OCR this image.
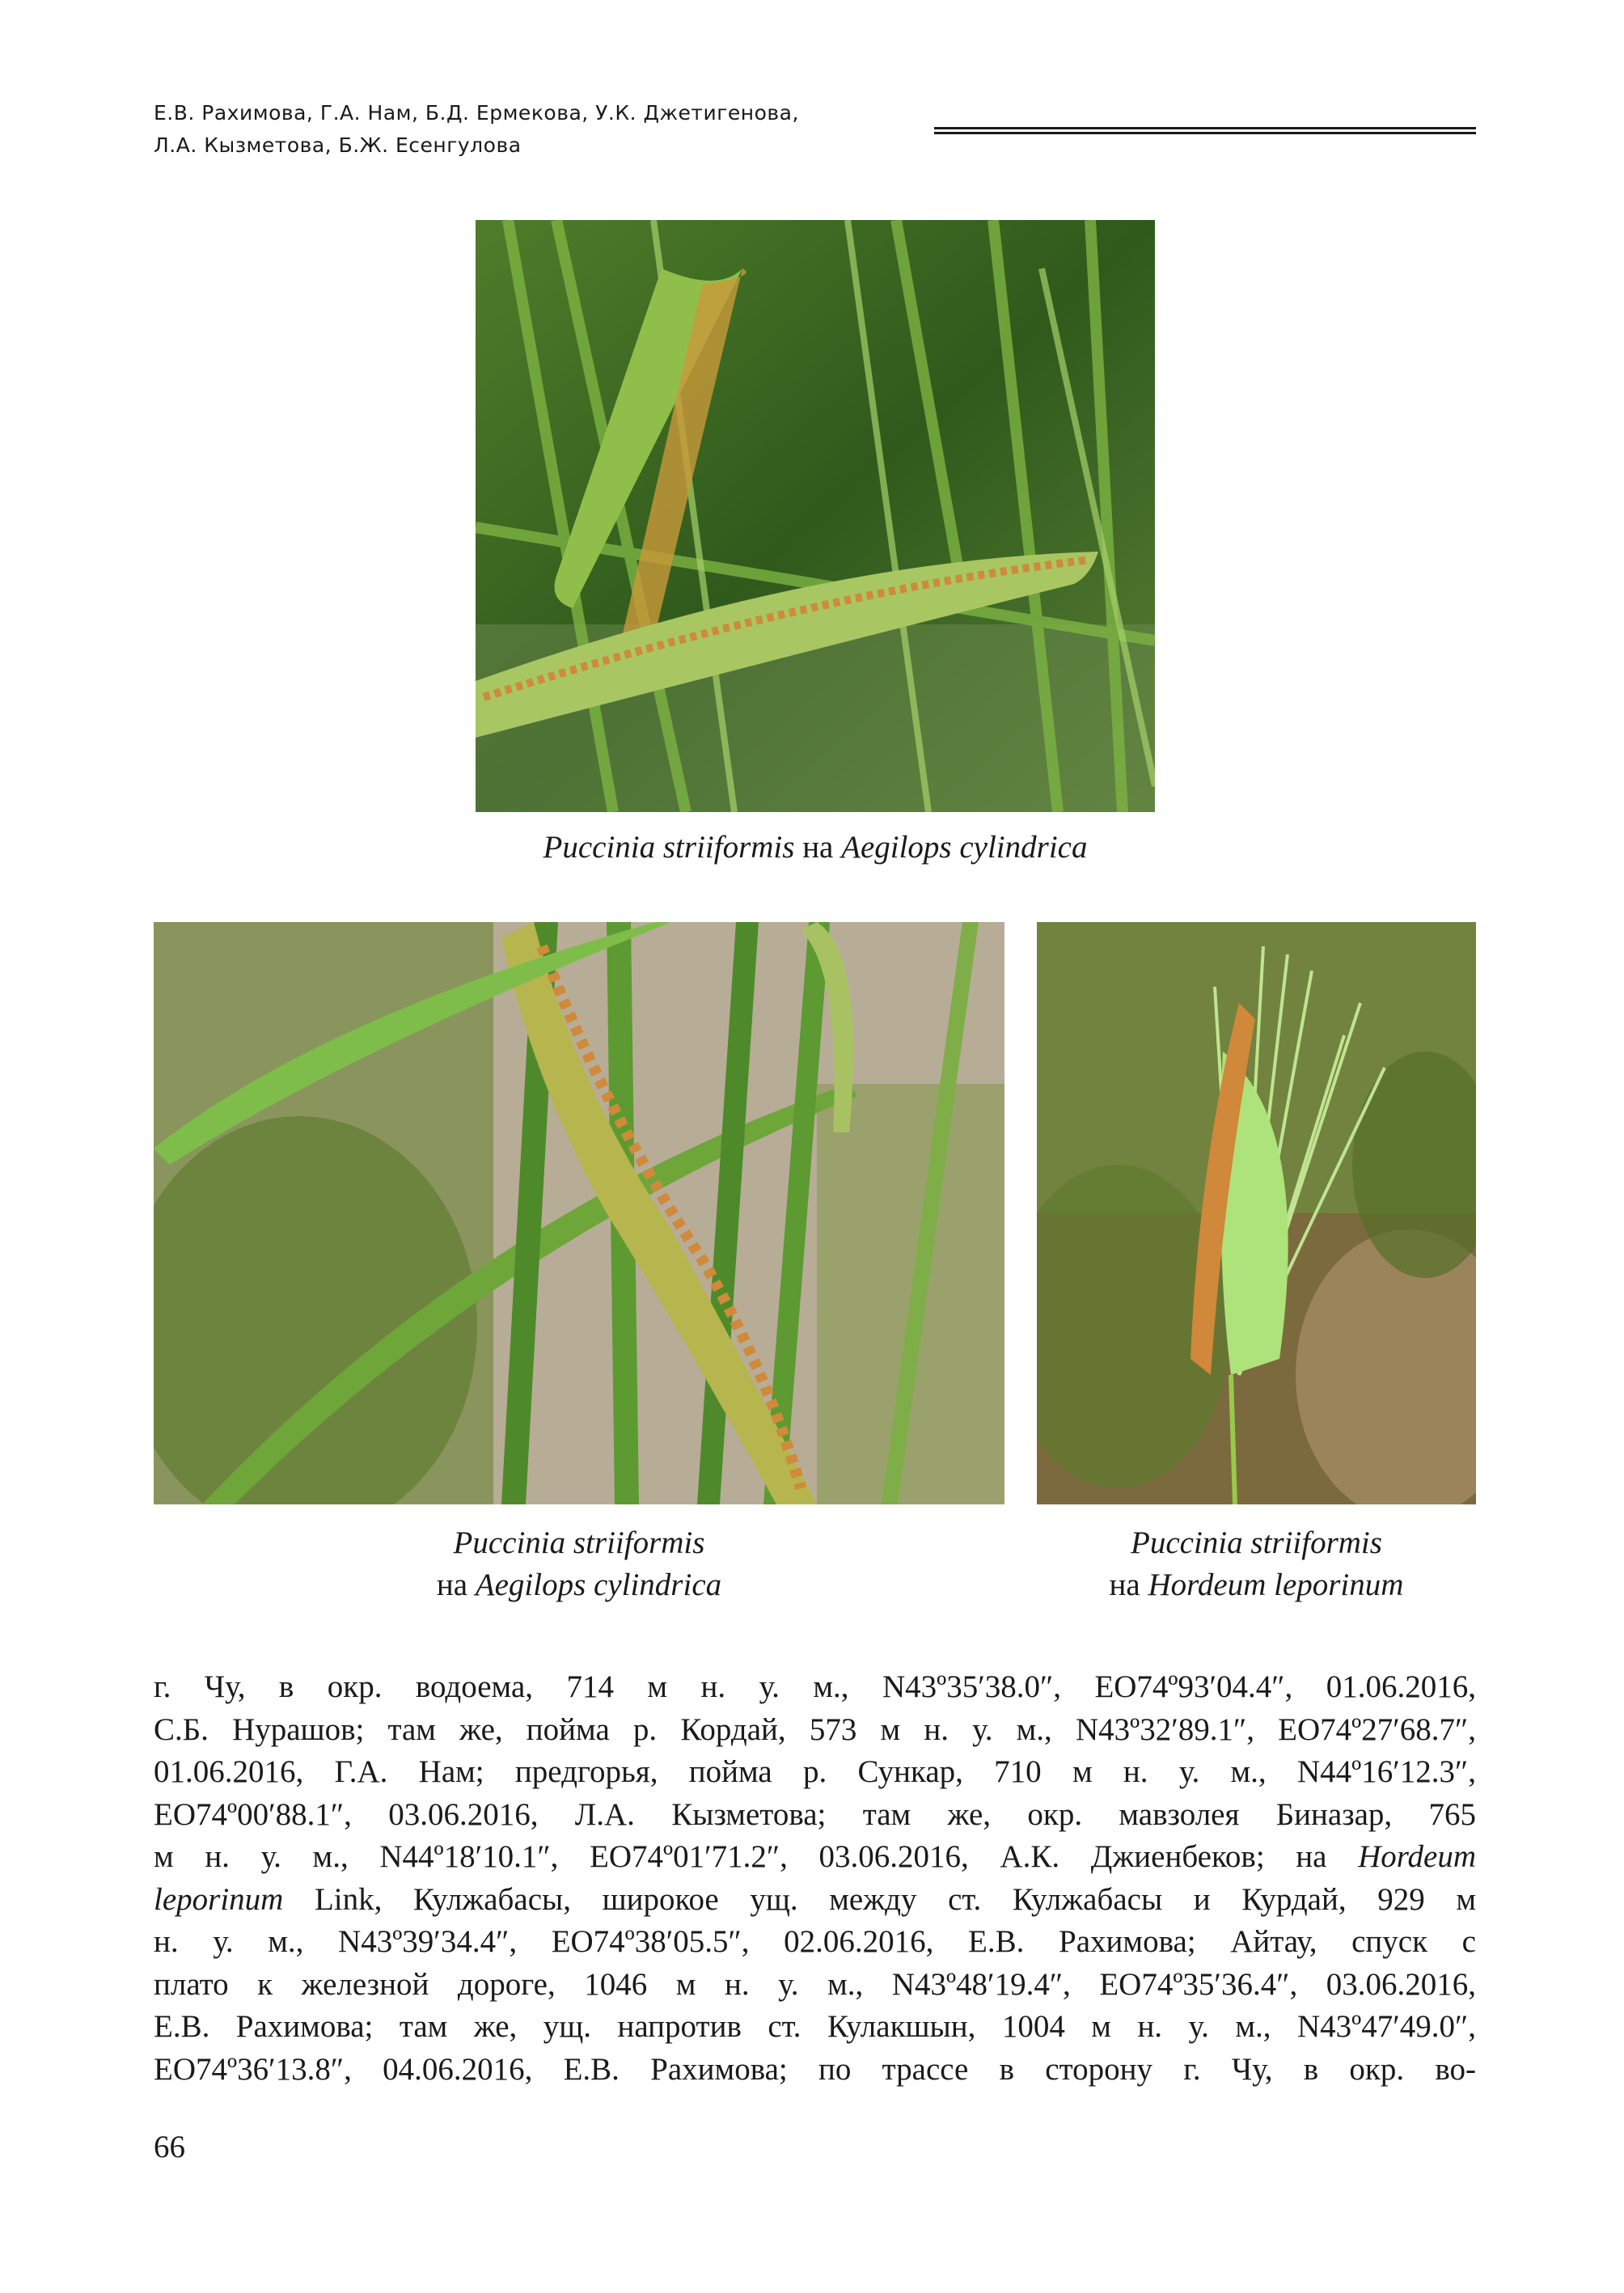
Е.В. Рахимова, Г.А. Нам, Б.Д. Ермекова, У.К. Джетигенова,
Л.А. Кызметова, Б.Ж. Есенгулова
Puccinia striiformis на Aegilops cylindrica
Puccinia striiformis
на Aegilops cylindrica
Puccinia striiformis
на Hordeum leporinum
г. Чу, в окр. водоема, 714 м н. у. м., N43º35′38.0″, EO74º93′04.4″, 01.06.2016,
С.Б. Нурашов; там же, пойма р. Кордай, 573 м н. у. м., N43º32′89.1″, EO74º27′68.7″,
01.06.2016, Г.А. Нам; предгорья, пойма р. Сункар, 710 м н. у. м., N44º16′12.3″,
EO74º00′88.1″, 03.06.2016, Л.А. Кызметова; там же, окр. мавзолея Биназар, 765
м н. у. м., N44º18′10.1″, EO74º01′71.2″, 03.06.2016, А.К. Джиенбеков; на Hordeum
leporinum Link, Кулжабасы, широкое ущ. между ст. Кулжабасы и Курдай, 929 м
н. у. м., N43º39′34.4″, EO74º38′05.5″, 02.06.2016, Е.В. Рахимова; Айтау, спуск с
плато к железной дороге, 1046 м н. у. м., N43º48′19.4″, EO74º35′36.4″, 03.06.2016,
Е.В. Рахимова; там же, ущ. напротив ст. Кулакшын, 1004 м н. у. м., N43º47′49.0″,
EO74º36′13.8″, 04.06.2016, Е.В. Рахимова; по трассе в сторону г. Чу, в окр. во-
66
